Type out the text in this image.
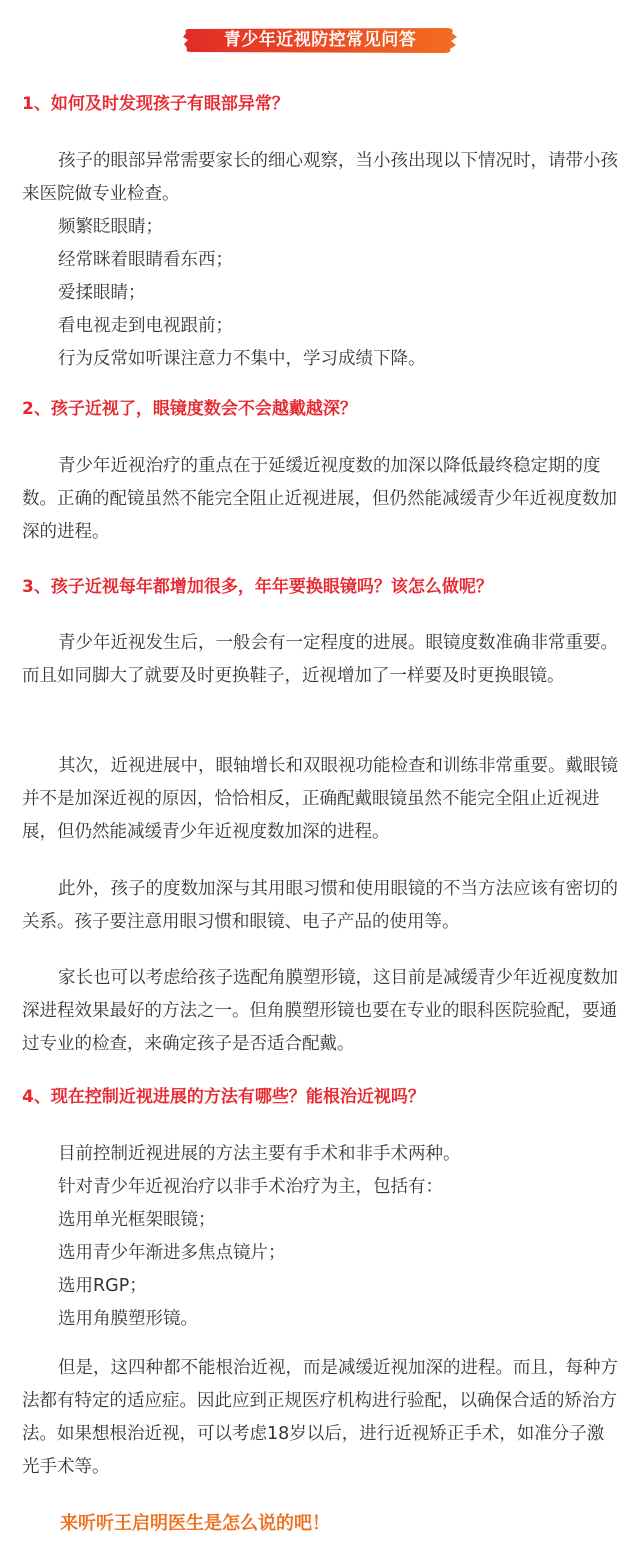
青少年近视防控常见问答
1、如何及时发现孩子有眼部异常？

孩子的眼部异常需要家长的细心观察，当小孩出现以下情况时，请带小孩来医院做专业检查。

频繁眨眼睛；
经常眯着眼睛看东西；
爱揉眼睛；
看电视走到电视跟前；
行为反常如听课注意力不集中，学习成绩下降。
2、孩子近视了，眼镜度数会不会越戴越深？

青少年近视治疗的重点在于延缓近视度数的加深以降低最终稳定期的度数。正确的配镜虽然不能完全阻止近视进展，但仍然能减缓青少年近视度数加深的进程。

3、孩子近视每年都增加很多，年年要换眼镜吗？该怎么做呢？

青少年近视发生后，一般会有一定程度的进展。眼镜度数准确非常重要。而且如同脚大了就要及时更换鞋子，近视增加了一样要及时更换眼镜。

其次，近视进展中，眼轴增长和双眼视功能检查和训练非常重要。戴眼镜并不是加深近视的原因，恰恰相反，正确配戴眼镜虽然不能完全阻止近视进展，但仍然能减缓青少年近视度数加深的进程。

此外，孩子的度数加深与其用眼习惯和使用眼镜的不当方法应该有密切的关系。孩子要注意用眼习惯和眼镜、电子产品的使用等。

家长也可以考虑给孩子选配角膜塑形镜，这目前是减缓青少年近视度数加深进程效果最好的方法之一。但角膜塑形镜也要在专业的眼科医院验配，要通过专业的检查，来确定孩子是否适合配戴。

4、现在控制近视进展的方法有哪些？能根治近视吗？
目前控制近视进展的方法主要有手术和非手术两种。
针对青少年近视治疗以非手术治疗为主，包括有：
选用单光框架眼镜；
选用青少年渐进多焦点镜片；
选用RGP；
选用角膜塑形镜。

但是，这四种都不能根治近视，而是减缓近视加深的进程。而且，每种方法都有特定的适应症。因此应到正规医疗机构进行验配，以确保合适的矫治方法。如果想根治近视，可以考虑18岁以后，进行近视矫正手术，如准分子激光手术等。

来听听王启明医生是怎么说的吧！
